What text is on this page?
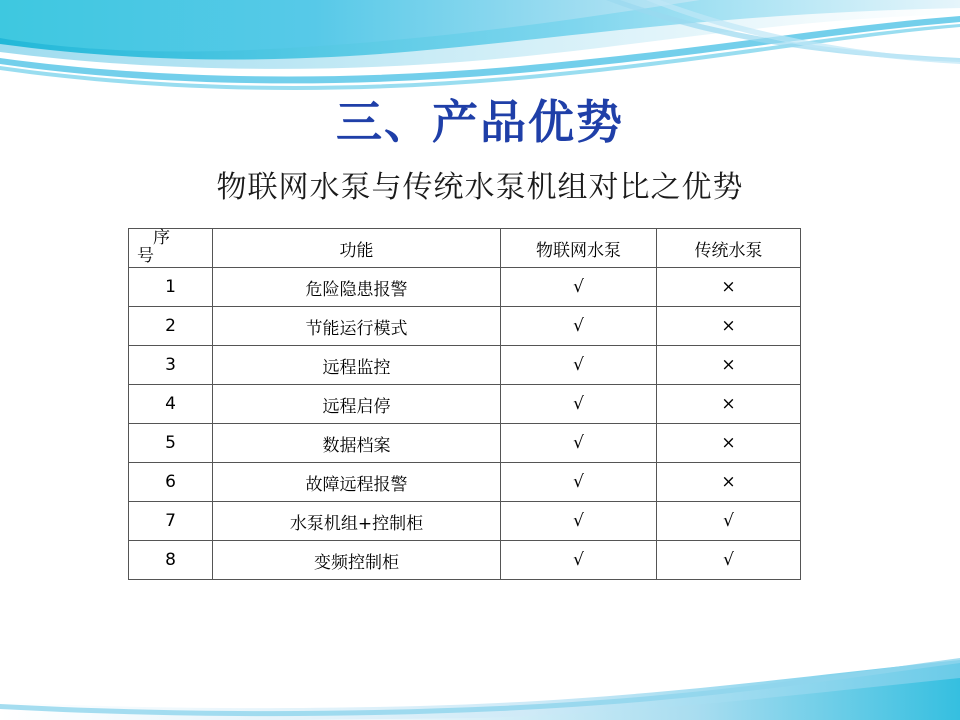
三、产品优势
物联网水泵与传统水泵机组对比之优势
序
号	功能	物联网水泵	传统水泵
1	危险隐患报警	√	×
2	节能运行模式	√	×
3	远程监控	√	×
4	远程启停	√	×
5	数据档案	√	×
6	故障远程报警	√	×
7	水泵机组+控制柜	√	√
8	变频控制柜	√	√
